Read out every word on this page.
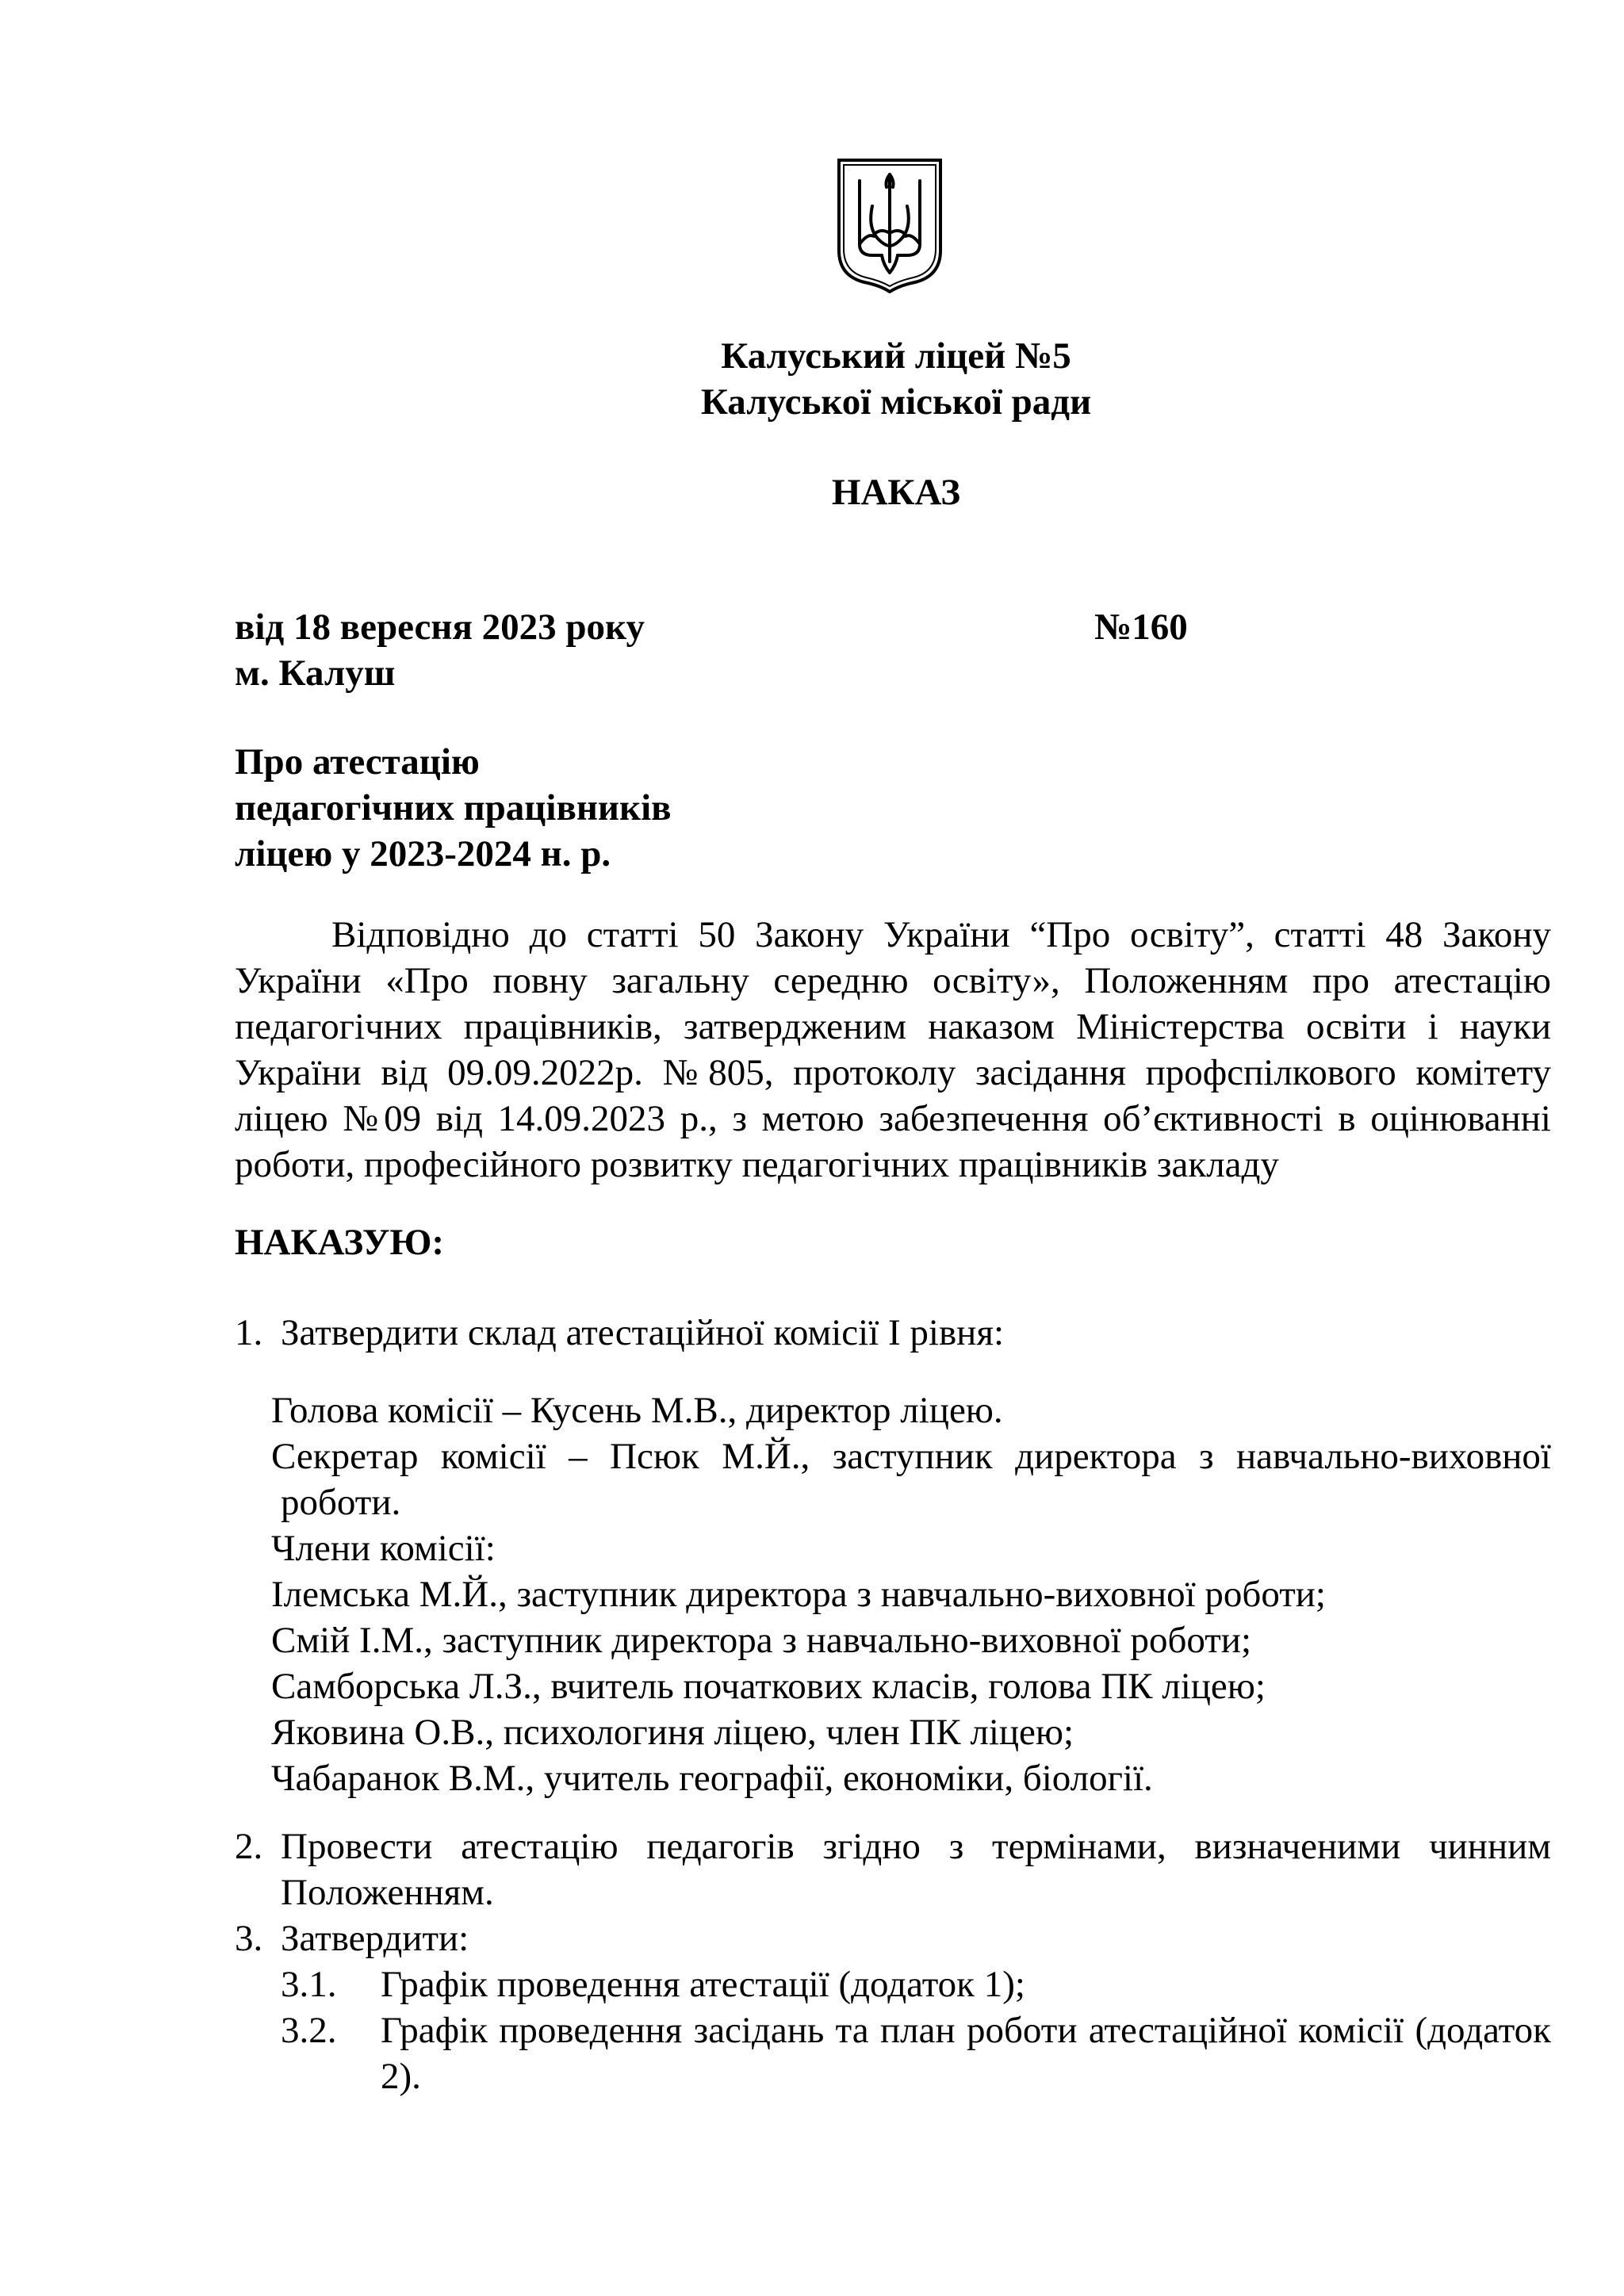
Калуський ліцей №5
Калуської міської ради
НАКАЗ
від 18 вересня 2023 року	№160
м. Калуш
Про атестацію
педагогічних працівників
ліцею у 2023-2024 н. р.
Відповідно до статті 50 Закону України “Про освіту”, статті 48 Закону України «Про повну загальну середню освіту», Положенням про атестацію педагогічних працівників, затвердженим наказом Міністерства освіти і науки України від 09.09.2022р. №805, протоколу засідання профспілкового комітету ліцею №09 від 14.09.2023 р., з метою забезпечення об’єктивності в оцінюванні роботи, професійного розвитку педагогічних працівників закладу
НАКАЗУЮ:
1. Затвердити склад атестаційної комісії I рівня:
Голова комісії – Кусень М.В., директор ліцею.
Секретар комісії – Псюк М.Й., заступник директора з навчально-виховної
роботи.
Члени комісії:
Ілемська М.Й., заступник директора з навчально-виховної роботи;
Смій І.М., заступник директора з навчально-виховної роботи;
Самборська Л.З., вчитель початкових класів, голова ПК ліцею;
Яковина О.В., психологиня ліцею, член ПК ліцею;
Чабаранок В.М., учитель географії, економіки, біології.
2. Провести атестацію педагогів згідно з термінами, визначеними чинним Положенням.
3. Затвердити:
3.1. Графік проведення атестації (додаток 1);
3.2. Графік проведення засідань та план роботи атестаційної комісії (додаток 2).
